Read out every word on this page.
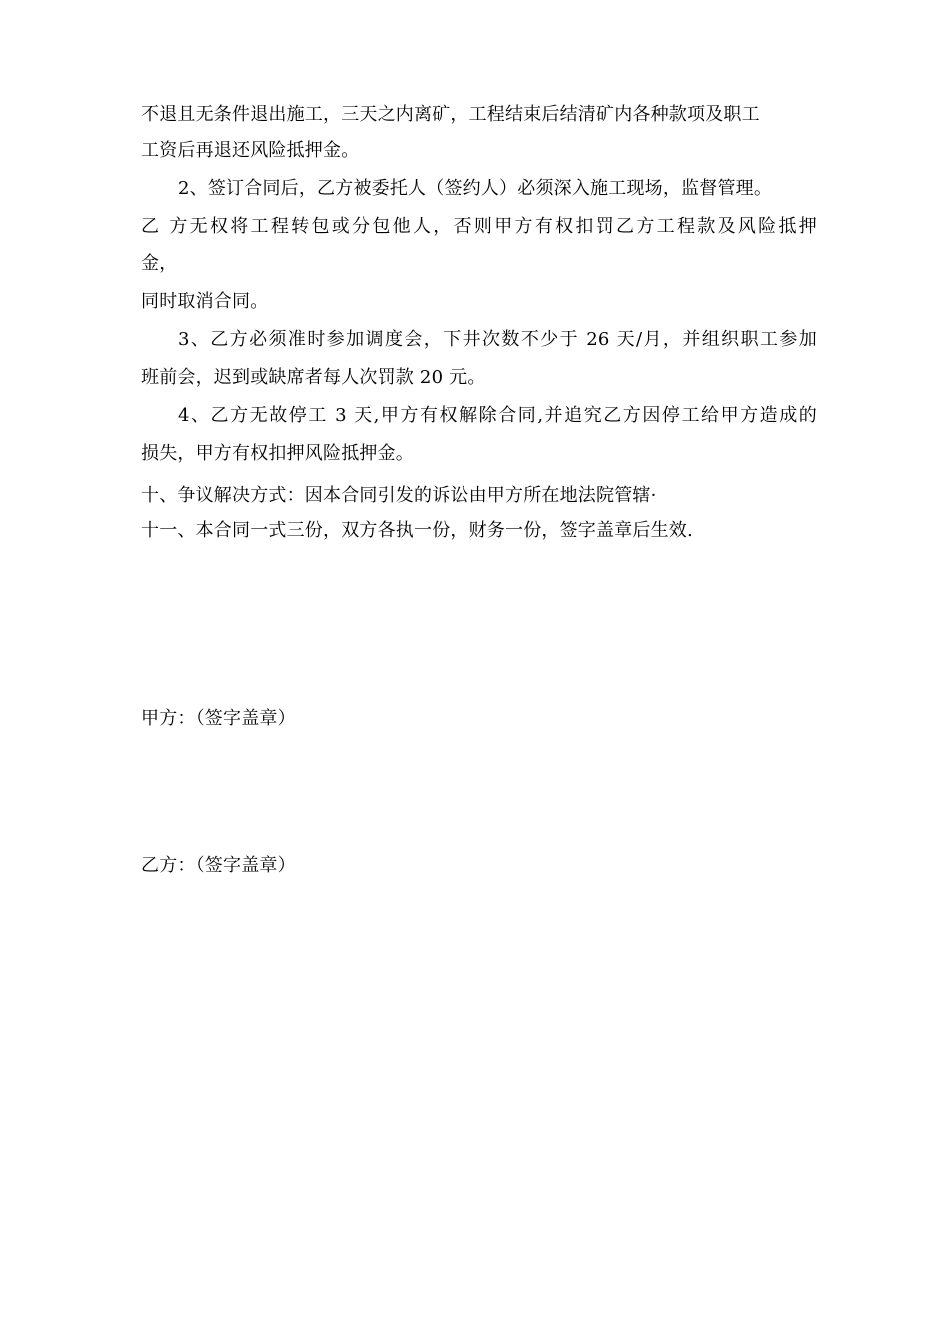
不退且无条件退出施工，三天之内离矿，工程结束后结清矿内各种款项及职工
工资后再退还风险抵押金。
2、签订合同后，乙方被委托人（签约人）必须深入施工现场，监督管理。
乙 方无权将工程转包或分包他人，否则甲方有权扣罚乙方工程款及风险抵押
金，
同时取消合同。
3、乙方必须准时参加调度会，下井次数不少于 26 天/月，并组织职工参加
班前会，迟到或缺席者每人次罚款 20 元。
4、乙方无故停工 3 天,甲方有权解除合同,并追究乙方因停工给甲方造成的
损失，甲方有权扣押风险抵押金。
十、争议解决方式：因本合同引发的诉讼由甲方所在地法院管辖·
十一、本合同一式三份，双方各执一份，财务一份，签字盖章后生效.
甲方：（签字盖章）
乙方：（签字盖章）
